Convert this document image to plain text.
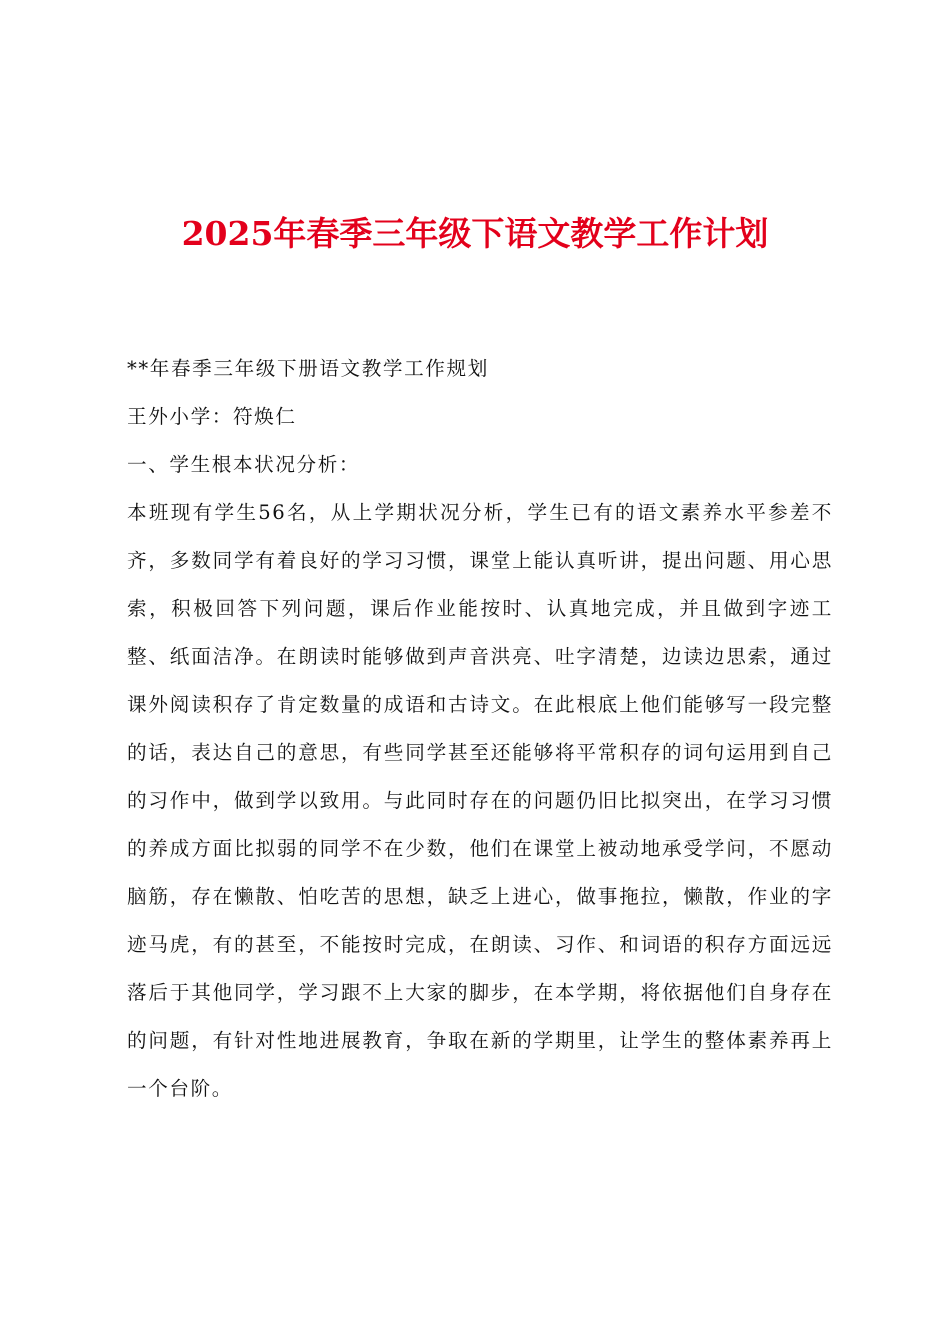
2025年春季三年级下语文教学工作计划

**年春季三年级下册语文教学工作规划

王外小学：符焕仁

一、学生根本状况分析：

本班现有学生56名，从上学期状况分析，学生已有的语文素养水平参差不齐，多数同学有着良好的学习习惯，课堂上能认真听讲，提出问题、用心思索，积极回答下列问题，课后作业能按时、认真地完成，并且做到字迹工整、纸面洁净。在朗读时能够做到声音洪亮、吐字清楚，边读边思索，通过课外阅读积存了肯定数量的成语和古诗文。在此根底上他们能够写一段完整的话，表达自己的意思，有些同学甚至还能够将平常积存的词句运用到自己的习作中，做到学以致用。与此同时存在的问题仍旧比拟突出，在学习习惯的养成方面比拟弱的同学不在少数，他们在课堂上被动地承受学问，不愿动脑筋，存在懒散、怕吃苦的思想，缺乏上进心，做事拖拉，懒散，作业的字迹马虎，有的甚至，不能按时完成，在朗读、习作、和词语的积存方面远远落后于其他同学，学习跟不上大家的脚步，在本学期，将依据他们自身存在的问题，有针对性地进展教育，争取在新的学期里，让学生的整体素养再上一个台阶。
